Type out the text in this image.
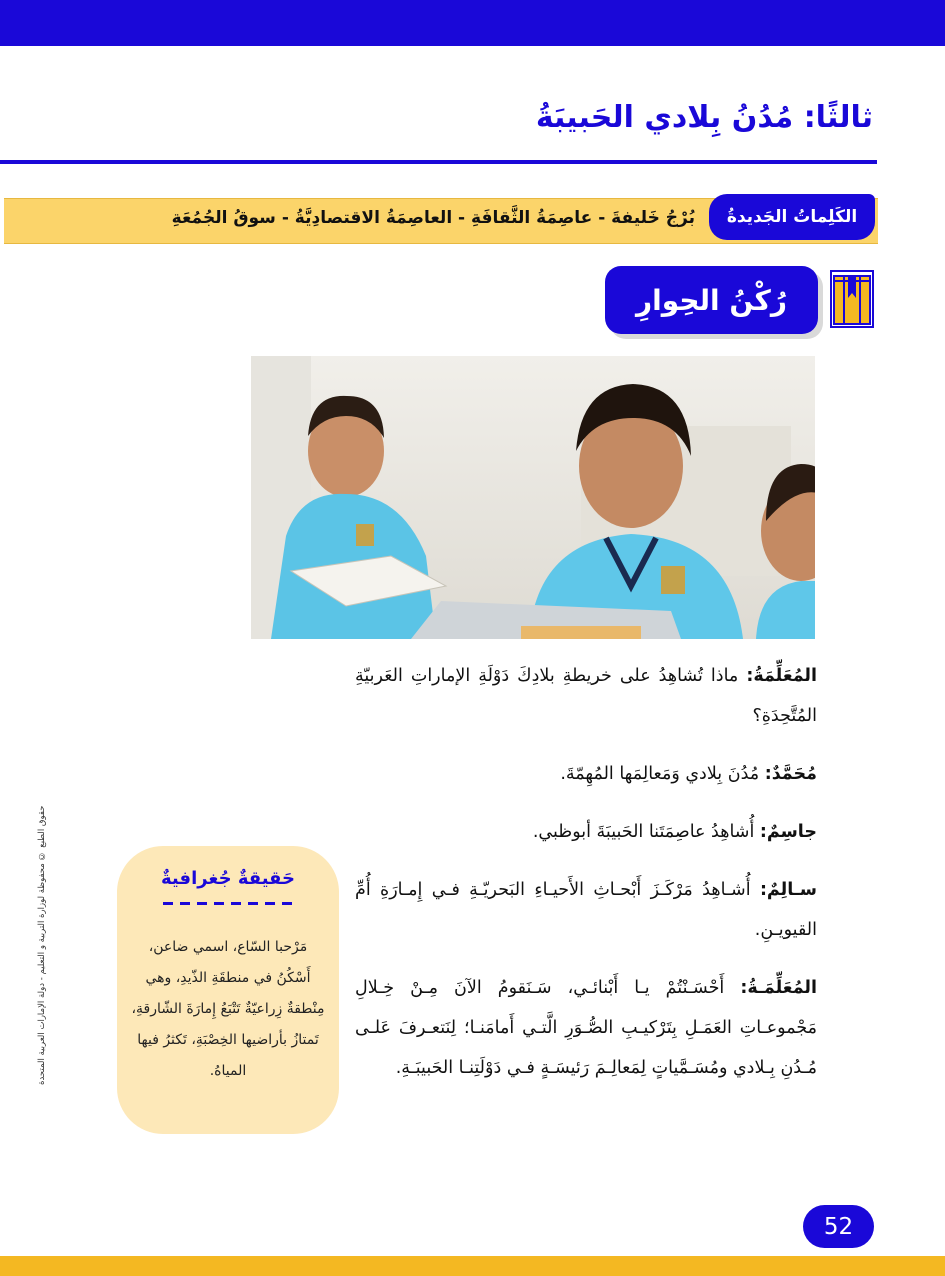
ثالثًا: مُدُنُ بِلادي الحَبيبَةُ
الكَلِماتُ الجَديدةُ
بُرْجُ خَليفةَ - عاصِمَةُ الثَّقافَةِ - العاصِمَةُ الاقتصادِيَّةُ - سوقُ الجُمُعَةِ
رُكْنُ الحِوارِ

المُعَلِّمَةُ: ماذا تُشاهِدُ على خريطةِ بلادِكَ دَوْلَةِ الإماراتِ العَربيّةِ المُتَّحِدَةِ؟

مُحَمَّدٌ: مُدُنَ بِلادي وَمَعالِمَها المُهِمّةَ.

جاسِمٌ: أُشاهِدُ عاصِمَتَنا الحَبيبَةَ أبوظبي.

سـالِمٌ: أُشـاهِدُ مَرْكَـزَ أَبْحـاثِ الأَحيـاءِ البَحريّـةِ فـي إِمـارَةِ أُمِّ القيويـنِ.

المُعَلِّمَـةُ: أَحْسَـنْتُمْ يـا أَبْنائـي، سَـنَقومُ الآنَ مِـنْ خِـلالِ مَجْموعـاتِ العَمَـلِ بِتَرْكيـبِ الصُّـوَرِ الَّتـي أَمامَنـا؛ لِنَتعـرفَ عَلـى مُـدُنِ بِـلادي ومُسَـمَّياتٍ لِمَعالِـمَ رَئيسَـةٍ فـي دَوْلَتِنـا الحَبيبَـةِ.

حقوق الطبع © محفوظة لوزارة التربية و التعليم - دولة الإمارات العربية المتحدة	حَقيقةٌ جُغرافيةٌ

مَرْحبا السّاع، اسمي ضاعن، أَسْكُنُ في منطقَةِ الذّيدِ، وهي مِنْطقةٌ زِراعيّةٌ تَتْبَعُ إِمارَةَ الشّارقةِ، تَمتازُ بأراضيها الخِصْبَةِ، تَكثرُ فيها المياهُ.

52
